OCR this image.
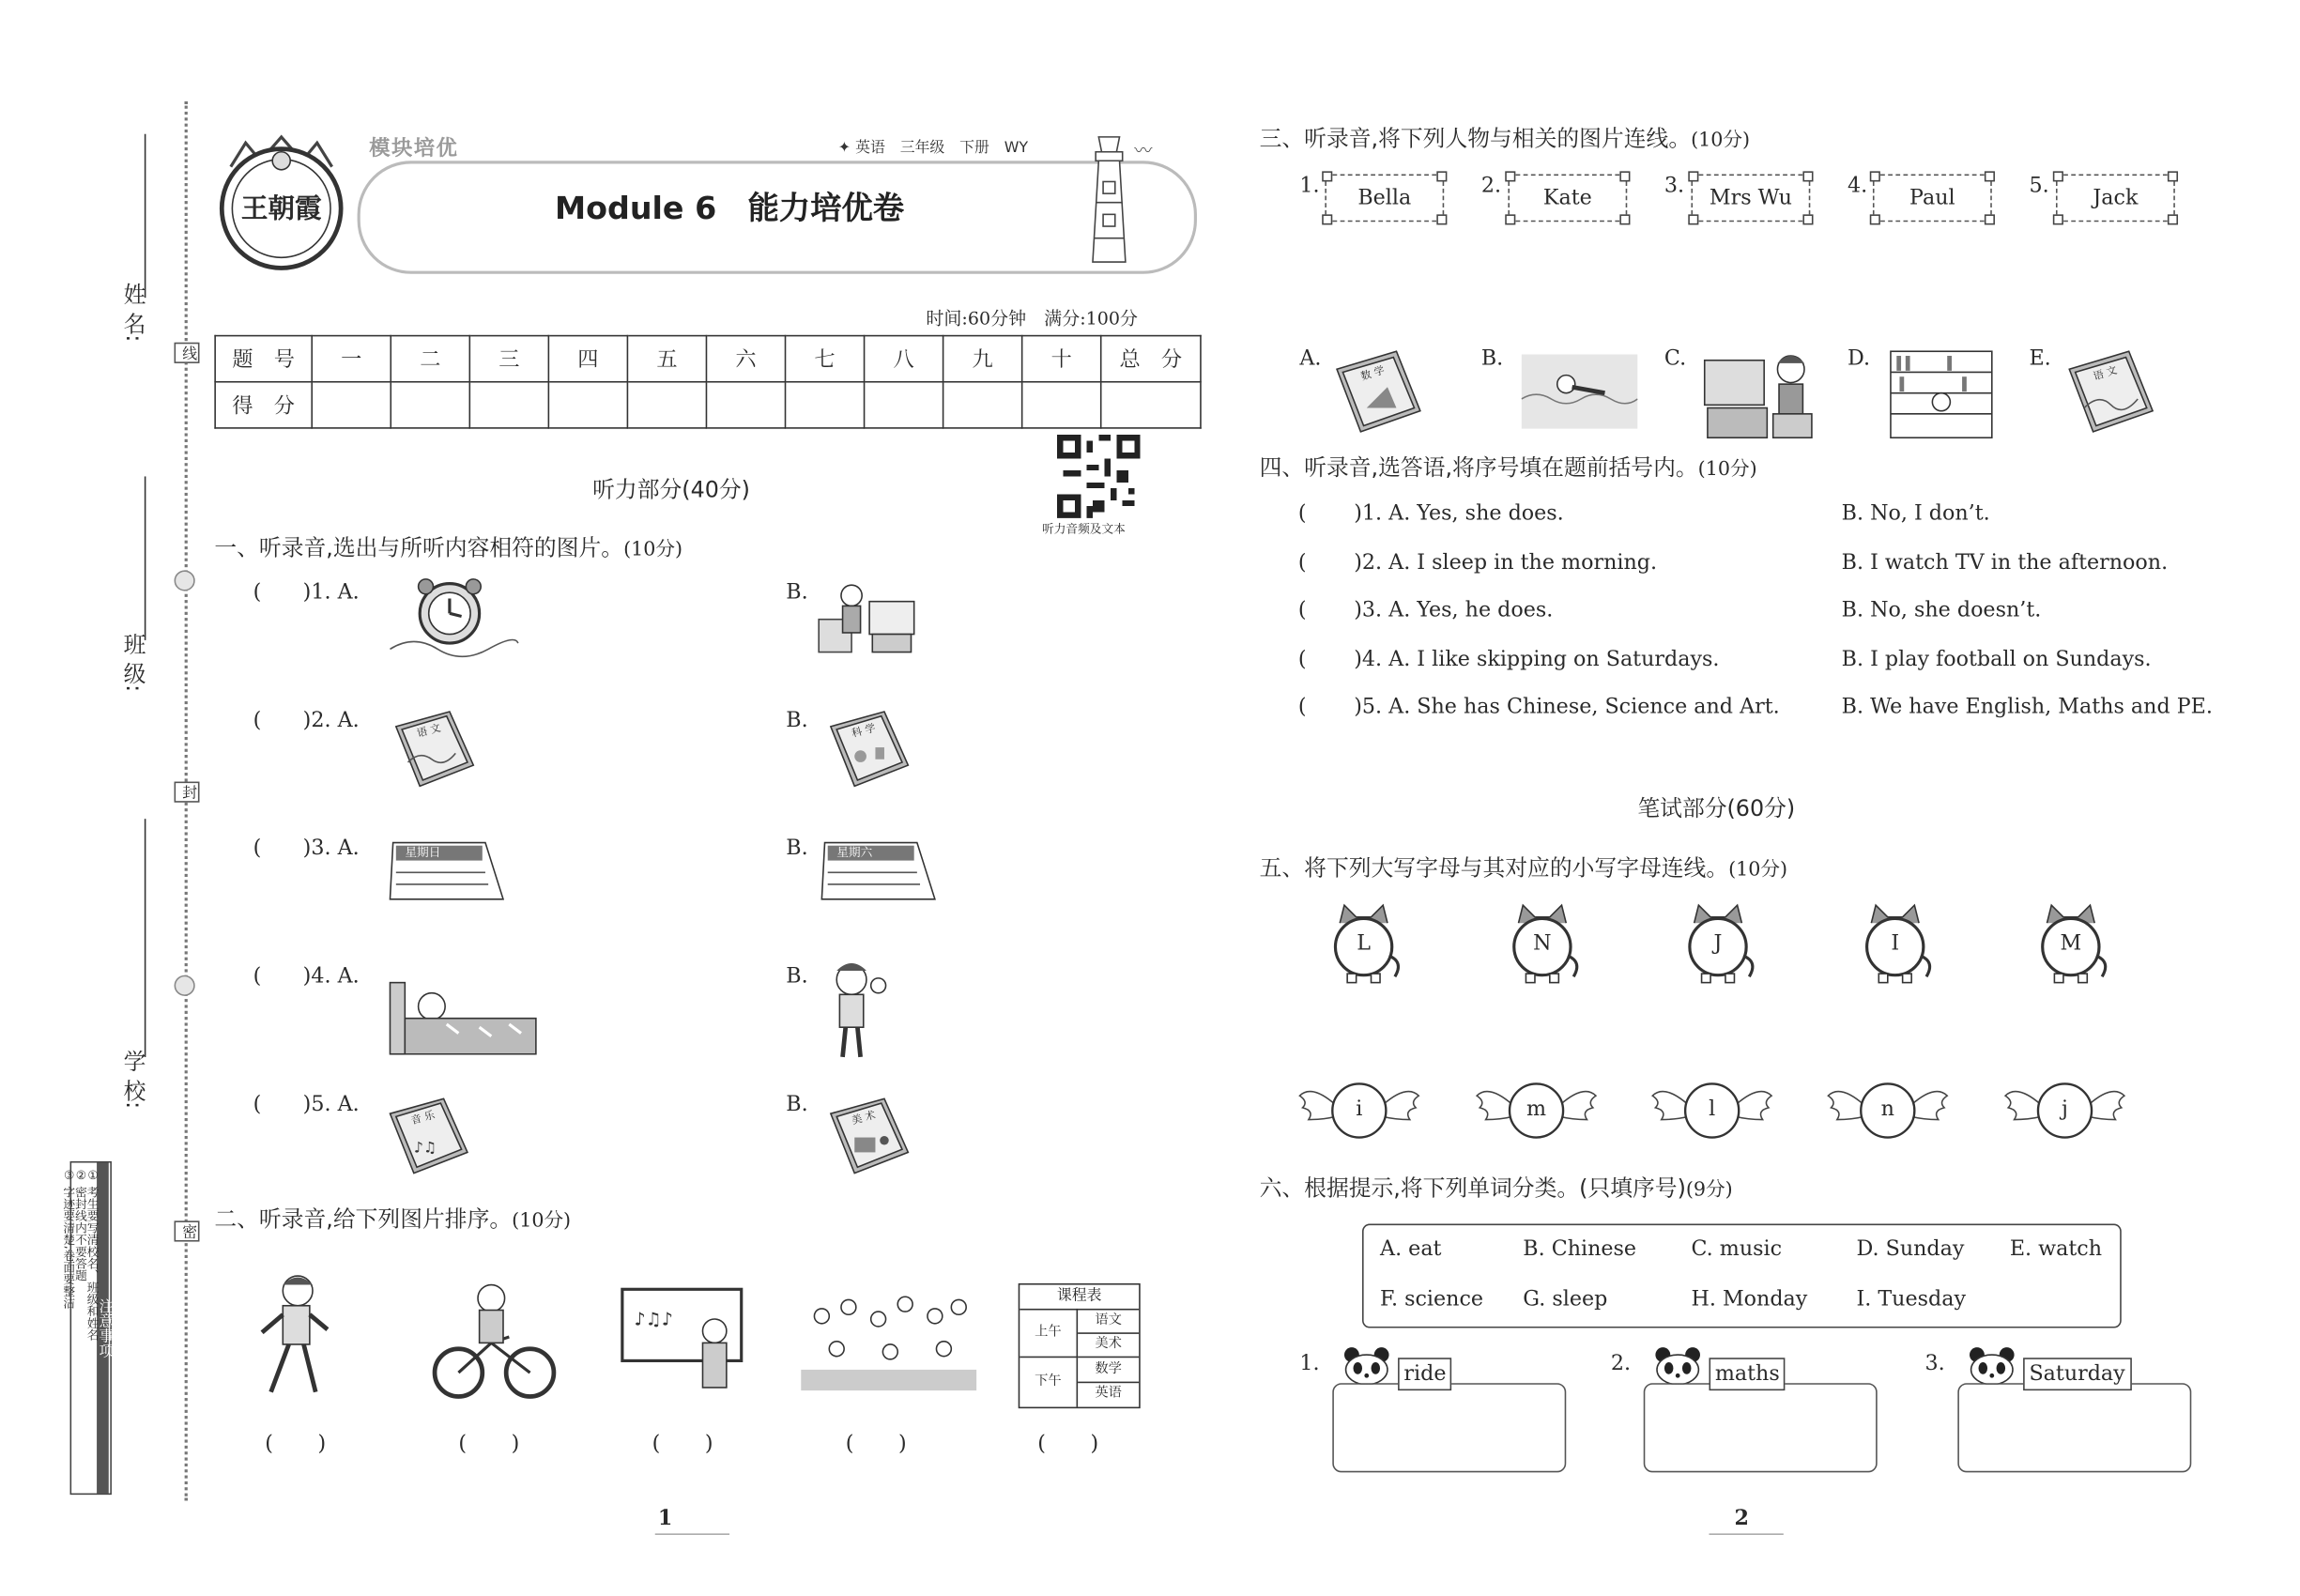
姓 名:
班 级:
学 校:
线
封
密
注意事项
① 考生要写清校名、班级和姓名
② 密封线内不要答题
③ 字迹要清楚,卷面要整洁
王朝霞
模块培优	✦ 英语　三年级　下册　WY
Module 6　能力培优卷
〰
时间:60分钟　满分:100分
题　号	一	二	三	四	五	六	七	八	九	十	总　分
得　分											
听力音频及文本
听力部分(40分)
一、听录音,选出与所听内容相符的图片。(10分)
(	)1. A.	B.
(	)2. A.	B.
(	)3. A.	B.
(	)4. A.	B.
(	)5. A.	B.
语 文	科 学
星期日	星期六
♪♫
音 乐	美 术
二、听录音,给下列图片排序。(10分)
♪♫♪
课程表
上午
语文
美术
下午
数学
英语
(	)	(	)	(	)	(	)	(	)
1
三、听录音,将下列人物与相关的图片连线。(10分)
1.	Bella	2.	Kate	3.	Mrs Wu	4.	Paul	5.	Jack
A.
数 学
B.	C.	D.	E.
语 文
四、听录音,选答语,将序号填在题前括号内。(10分)
(	)1. A. Yes, she does.	B. No, I don’t.
(	)2. A. I sleep in the morning.	B. I watch TV in the afternoon.
(	)3. A. Yes, he does.	B. No, she doesn’t.
(	)4. A. I like skipping on Saturdays.	B. I play football on Sundays.
(	)5. A. She has Chinese, Science and Art.	B. We have English, Maths and PE.
笔试部分(60分)
五、将下列大写字母与其对应的小写字母连线。(10分)
L	N	J	I	M
i	m	l	n	j
六、根据提示,将下列单词分类。(只填序号)(9分)
A. eat	B. Chinese	C. music	D. Sunday	E. watch
F. science	G. sleep	H. Monday	I. Tuesday
1.	ride	2.	maths	3.	Saturday
2
